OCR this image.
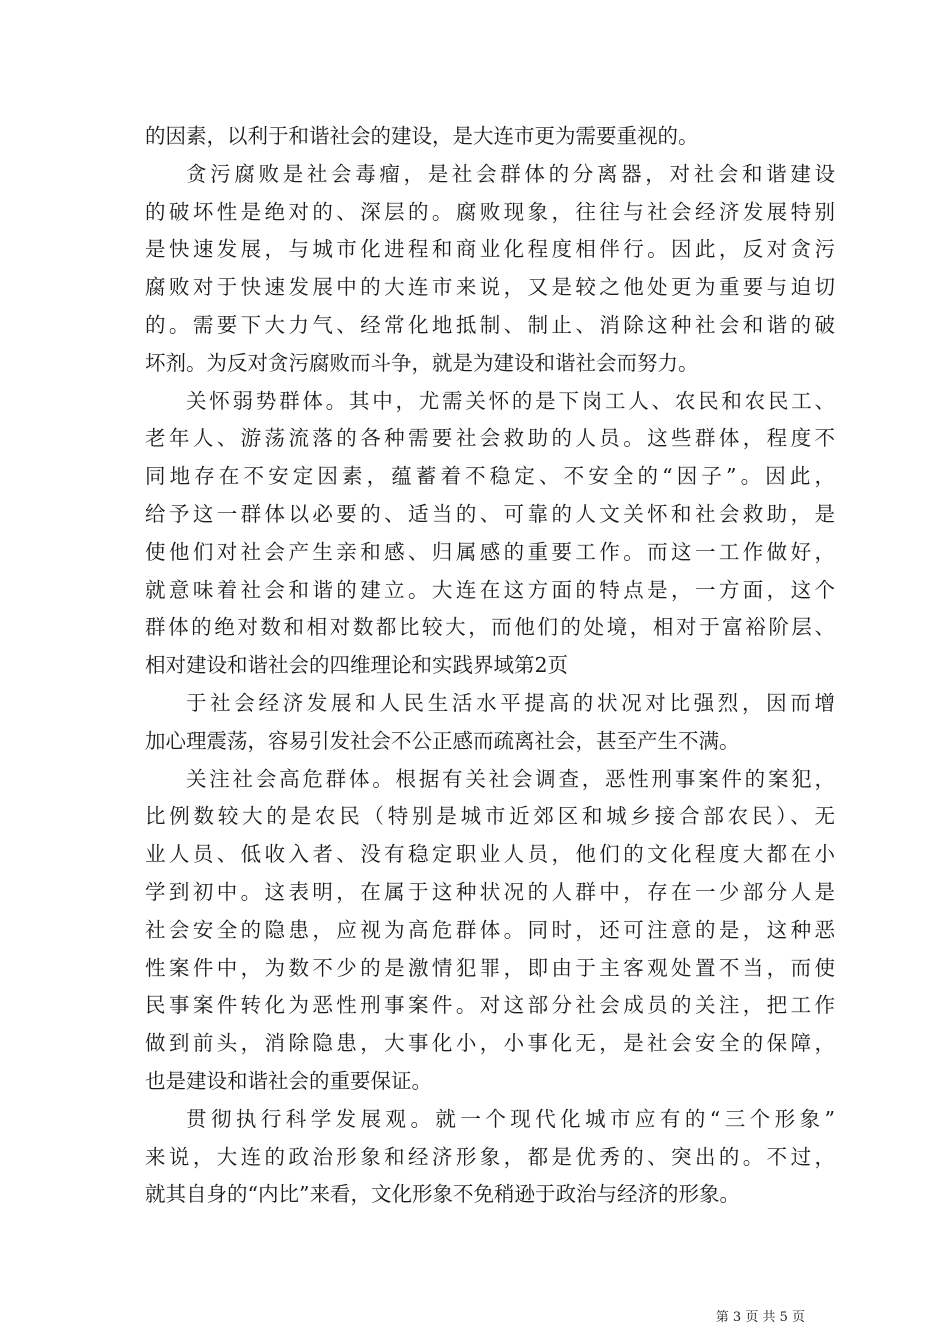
的因素，以利于和谐社会的建设，是大连市更为需要重视的。
贪污腐败是社会毒瘤，是社会群体的分离器，对社会和谐建设
的破坏性是绝对的、深层的。腐败现象，往往与社会经济发展特别
是快速发展，与城市化进程和商业化程度相伴行。因此，反对贪污
腐败对于快速发展中的大连市来说，又是较之他处更为重要与迫切
的。需要下大力气、经常化地抵制、制止、消除这种社会和谐的破
坏剂。为反对贪污腐败而斗争，就是为建设和谐社会而努力。
关怀弱势群体。其中，尤需关怀的是下岗工人、农民和农民工、
老年人、游荡流落的各种需要社会救助的人员。这些群体，程度不
同地存在不安定因素，蕴蓄着不稳定、不安全的“因子”。因此，
给予这一群体以必要的、适当的、可靠的人文关怀和社会救助，是
使他们对社会产生亲和感、归属感的重要工作。而这一工作做好，
就意味着社会和谐的建立。大连在这方面的特点是，一方面，这个
群体的绝对数和相对数都比较大，而他们的处境，相对于富裕阶层、
相对建设和谐社会的四维理论和实践界域第2页
于社会经济发展和人民生活水平提高的状况对比强烈，因而增
加心理震荡，容易引发社会不公正感而疏离社会，甚至产生不满。
关注社会高危群体。根据有关社会调查，恶性刑事案件的案犯，
比例数较大的是农民（特别是城市近郊区和城乡接合部农民）、无
业人员、低收入者、没有稳定职业人员，他们的文化程度大都在小
学到初中。这表明，在属于这种状况的人群中，存在一少部分人是
社会安全的隐患，应视为高危群体。同时，还可注意的是，这种恶
性案件中，为数不少的是激情犯罪，即由于主客观处置不当，而使
民事案件转化为恶性刑事案件。对这部分社会成员的关注，把工作
做到前头，消除隐患，大事化小，小事化无，是社会安全的保障，
也是建设和谐社会的重要保证。
贯彻执行科学发展观。就一个现代化城市应有的“三个形象”
来说，大连的政治形象和经济形象，都是优秀的、突出的。不过，
就其自身的“内比”来看，文化形象不免稍逊于政治与经济的形象。
第 3 页 共 5 页
